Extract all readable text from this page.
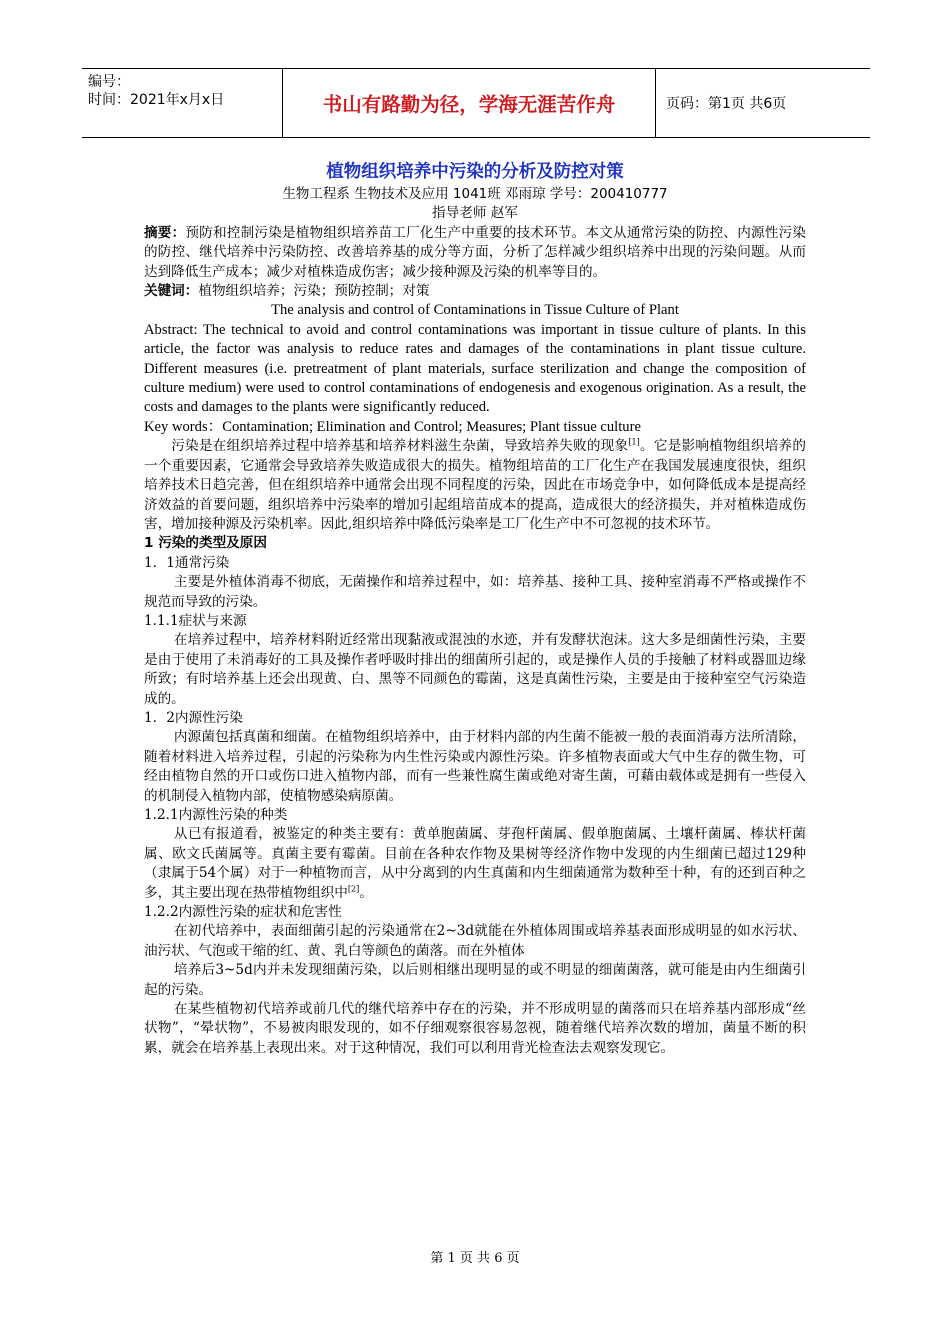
编号：
时间：2021年x月x日	书山有路勤为径，学海无涯苦作舟	页码：第1页 共6页
植物组织培养中污染的分析及防控对策
生物工程系 生物技术及应用 1041班 邓雨琼 学号：200410777
指导老师 赵军

摘要：预防和控制污染是植物组织培养苗工厂化生产中重要的技术环节。本文从通常污染的防控、内源性污染的防控、继代培养中污染防控、改善培养基的成分等方面，分析了怎样减少组织培养中出现的污染问题。从而达到降低生产成本；减少对植株造成伤害；减少接种源及污染的机率等目的。

关键词：植物组织培养；污染；预防控制；对策

The analysis and control of Contaminations in Tissue Culture of Plant

Abstract: The technical to avoid and control contaminations was important in tissue culture of plants. In this article, the factor was analysis to reduce rates and damages of the contaminations in plant tissue culture. Different measures (i.e. pretreatment of plant materials, surface sterilization and change the composition of culture medium) were used to control contaminations of endogenesis and exogenous origination. As a result, the costs and damages to the plants were significantly reduced.

Key words：Contamination; Elimination and Control; Measures; Plant tissue culture

污染是在组织培养过程中培养基和培养材料滋生杂菌，导致培养失败的现象[1]。它是影响植物组织培养的一个重要因素，它通常会导致培养失败造成很大的损失。植物组培苗的工厂化生产在我国发展速度很快，组织培养技术日趋完善，但在组织培养中通常会出现不同程度的污染，因此在市场竞争中，如何降低成本是提高经济效益的首要问题，组织培养中污染率的增加引起组培苗成本的提高，造成很大的经济损失，并对植株造成伤害，增加接种源及污染机率。因此,组织培养中降低污染率是工厂化生产中不可忽视的技术环节。

1 污染的类型及原因

1．1通常污染

主要是外植体消毒不彻底，无菌操作和培养过程中，如：培养基、接种工具、接种室消毒不严格或操作不规范而导致的污染。

1.1.1症状与来源

在培养过程中，培养材料附近经常出现黏液或混浊的水迹，并有发酵状泡沫。这大多是细菌性污染，主要是由于使用了未消毒好的工具及操作者呼吸时排出的细菌所引起的，或是操作人员的手接触了材料或器皿边缘所致；有时培养基上还会出现黄、白、黑等不同颜色的霉菌，这是真菌性污染，主要是由于接种室空气污染造成的。

1．2内源性污染

内源菌包括真菌和细菌。在植物组织培养中，由于材料内部的内生菌不能被一般的表面消毒方法所清除，随着材料进入培养过程，引起的污染称为内生性污染或内源性污染。许多植物表面或大气中生存的微生物，可经由植物自然的开口或伤口进入植物内部，而有一些兼性腐生菌或绝对寄生菌，可藉由载体或是拥有一些侵入的机制侵入植物内部，使植物感染病原菌。

1.2.1内源性污染的种类

从已有报道看，被鉴定的种类主要有：黄单胞菌属、芽孢杆菌属、假单胞菌属、土壤杆菌属、棒状杆菌属、欧文氏菌属等。真菌主要有霉菌。目前在各种农作物及果树等经济作物中发现的内生细菌已超过129种（隶属于54个属）对于一种植物而言，从中分离到的内生真菌和内生细菌通常为数种至十种，有的还到百种之多，其主要出现在热带植物组织中[2]。

1.2.2内源性污染的症状和危害性

在初代培养中，表面细菌引起的污染通常在2~3d就能在外植体周围或培养基表面形成明显的如水污状、油污状、气泡或干缩的红、黄、乳白等颜色的菌落。而在外植体

培养后3~5d内并未发现细菌污染，以后则相继出现明显的或不明显的细菌菌落，就可能是由内生细菌引起的污染。

在某些植物初代培养或前几代的继代培养中存在的污染，并不形成明显的菌落而只在培养基内部形成“丝状物”，“晕状物”，不易被肉眼发现的，如不仔细观察很容易忽视，随着继代培养次数的增加，菌量不断的积累，就会在培养基上表现出来。对于这种情况，我们可以利用背光检查法去观察发现它。

第 1 页 共 6 页
